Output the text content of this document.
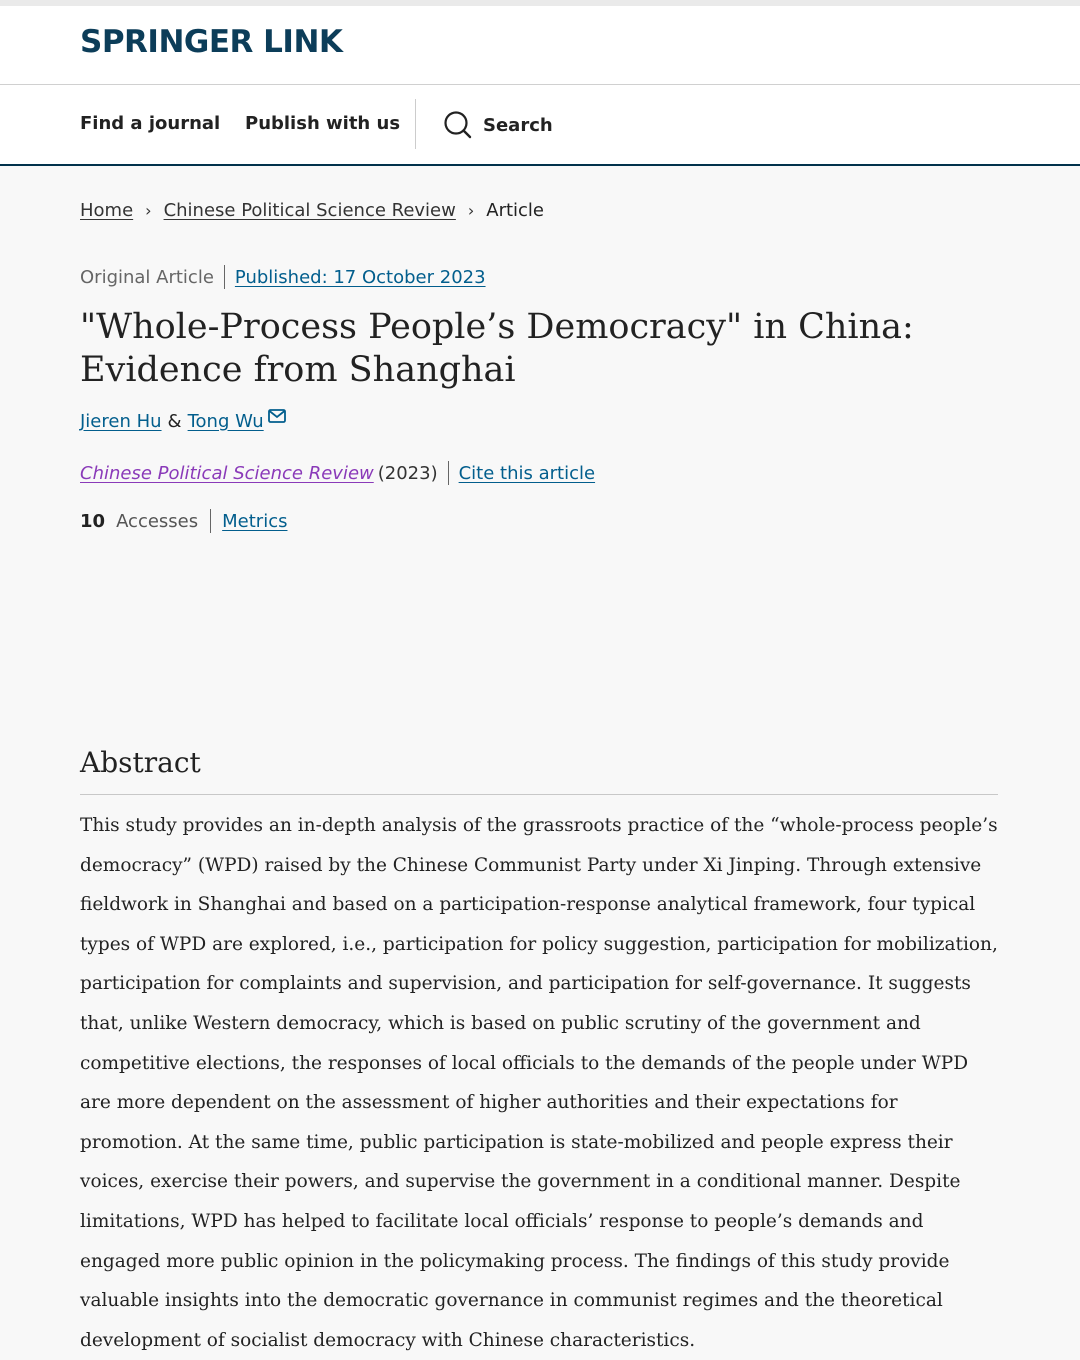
SPRINGER LINK
Find a journal Publish with us	Search
Home › Chinese Political Science Review › Article
Original Article	Published: 17 October 2023
"Whole-Process People’s Democracy" in China: Evidence from Shanghai
Jieren Hu & Tong Wu
Chinese Political Science Review (2023)	Cite this article
10 Accesses	Metrics
Abstract

This study provides an in-depth analysis of the grassroots practice of the “whole-process people’s democracy” (WPD) raised by the Chinese Communist Party under Xi Jinping. Through extensive fieldwork in Shanghai and based on a participation-response analytical framework, four typical types of WPD are explored, i.e., participation for policy suggestion, participation for mobilization, participation for complaints and supervision, and participation for self-governance. It suggests that, unlike Western democracy, which is based on public scrutiny of the government and competitive elections, the responses of local officials to the demands of the people under WPD are more dependent on the assessment of higher authorities and their expectations for promotion. At the same time, public participation is state-mobilized and people express their voices, exercise their powers, and supervise the government in a conditional manner. Despite limitations, WPD has helped to facilitate local officials’ response to people’s demands and engaged more public opinion in the policymaking process. The findings of this study provide valuable insights into the democratic governance in communist regimes and the theoretical development of socialist democracy with Chinese characteristics.
